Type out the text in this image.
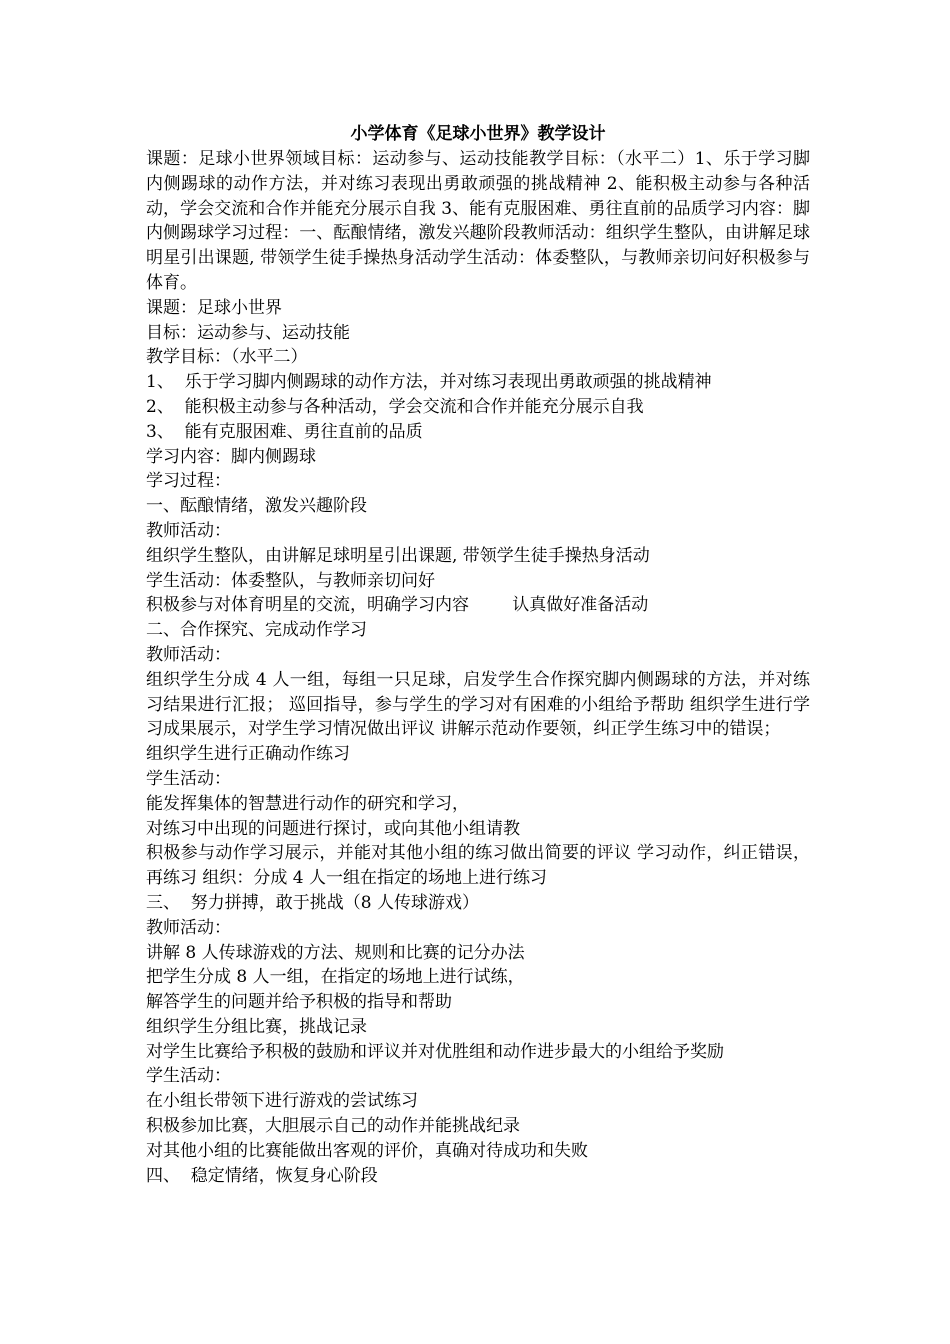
小学体育《足球小世界》教学设计

课题：足球小世界领域目标：运动参与、运动技能教学目标：（水平二）1、乐于学习脚内侧踢球的动作方法，并对练习表现出勇敢顽强的挑战精神 2、能积极主动参与各种活动，学会交流和合作并能充分展示自我 3、能有克服困难、勇往直前的品质学习内容：脚内侧踢球学习过程：一、酝酿情绪，激发兴趣阶段教师活动：组织学生整队，由讲解足球明星引出课题, 带领学生徒手操热身活动学生活动：体委整队，与教师亲切问好积极参与体育。

课题：足球小世界
目标：运动参与、运动技能
教学目标：（水平二）
1、  乐于学习脚内侧踢球的动作方法，并对练习表现出勇敢顽强的挑战精神
2、  能积极主动参与各种活动，学会交流和合作并能充分展示自我
3、  能有克服困难、勇往直前的品质
学习内容：脚内侧踢球
学习过程：
一、酝酿情绪，激发兴趣阶段
教师活动：
组织学生整队，由讲解足球明星引出课题, 带领学生徒手操热身活动
学生活动：体委整队，与教师亲切问好
积极参与对体育明星的交流，明确学习内容        认真做好准备活动
二、合作探究、完成动作学习
教师活动：

组织学生分成 4 人一组，每组一只足球，启发学生合作探究脚内侧踢球的方法，并对练习结果进行汇报； 巡回指导，参与学生的学习对有困难的小组给予帮助 组织学生进行学习成果展示，对学生学习情况做出评议 讲解示范动作要领，纠正学生练习中的错误；

组织学生进行正确动作练习
学生活动：
能发挥集体的智慧进行动作的研究和学习，
对练习中出现的问题进行探讨，或向其他小组请教

积极参与动作学习展示，并能对其他小组的练习做出简要的评议 学习动作，纠正错误，再练习 组织：分成 4 人一组在指定的场地上进行练习

三、  努力拼搏，敢于挑战（8 人传球游戏）
教师活动：
讲解 8 人传球游戏的方法、规则和比赛的记分办法
把学生分成 8 人一组，在指定的场地上进行试练，
解答学生的问题并给予积极的指导和帮助
组织学生分组比赛，挑战记录
对学生比赛给予积极的鼓励和评议并对优胜组和动作进步最大的小组给予奖励
学生活动：
在小组长带领下进行游戏的尝试练习
积极参加比赛，大胆展示自己的动作并能挑战纪录
对其他小组的比赛能做出客观的评价，真确对待成功和失败
四、  稳定情绪，恢复身心阶段
